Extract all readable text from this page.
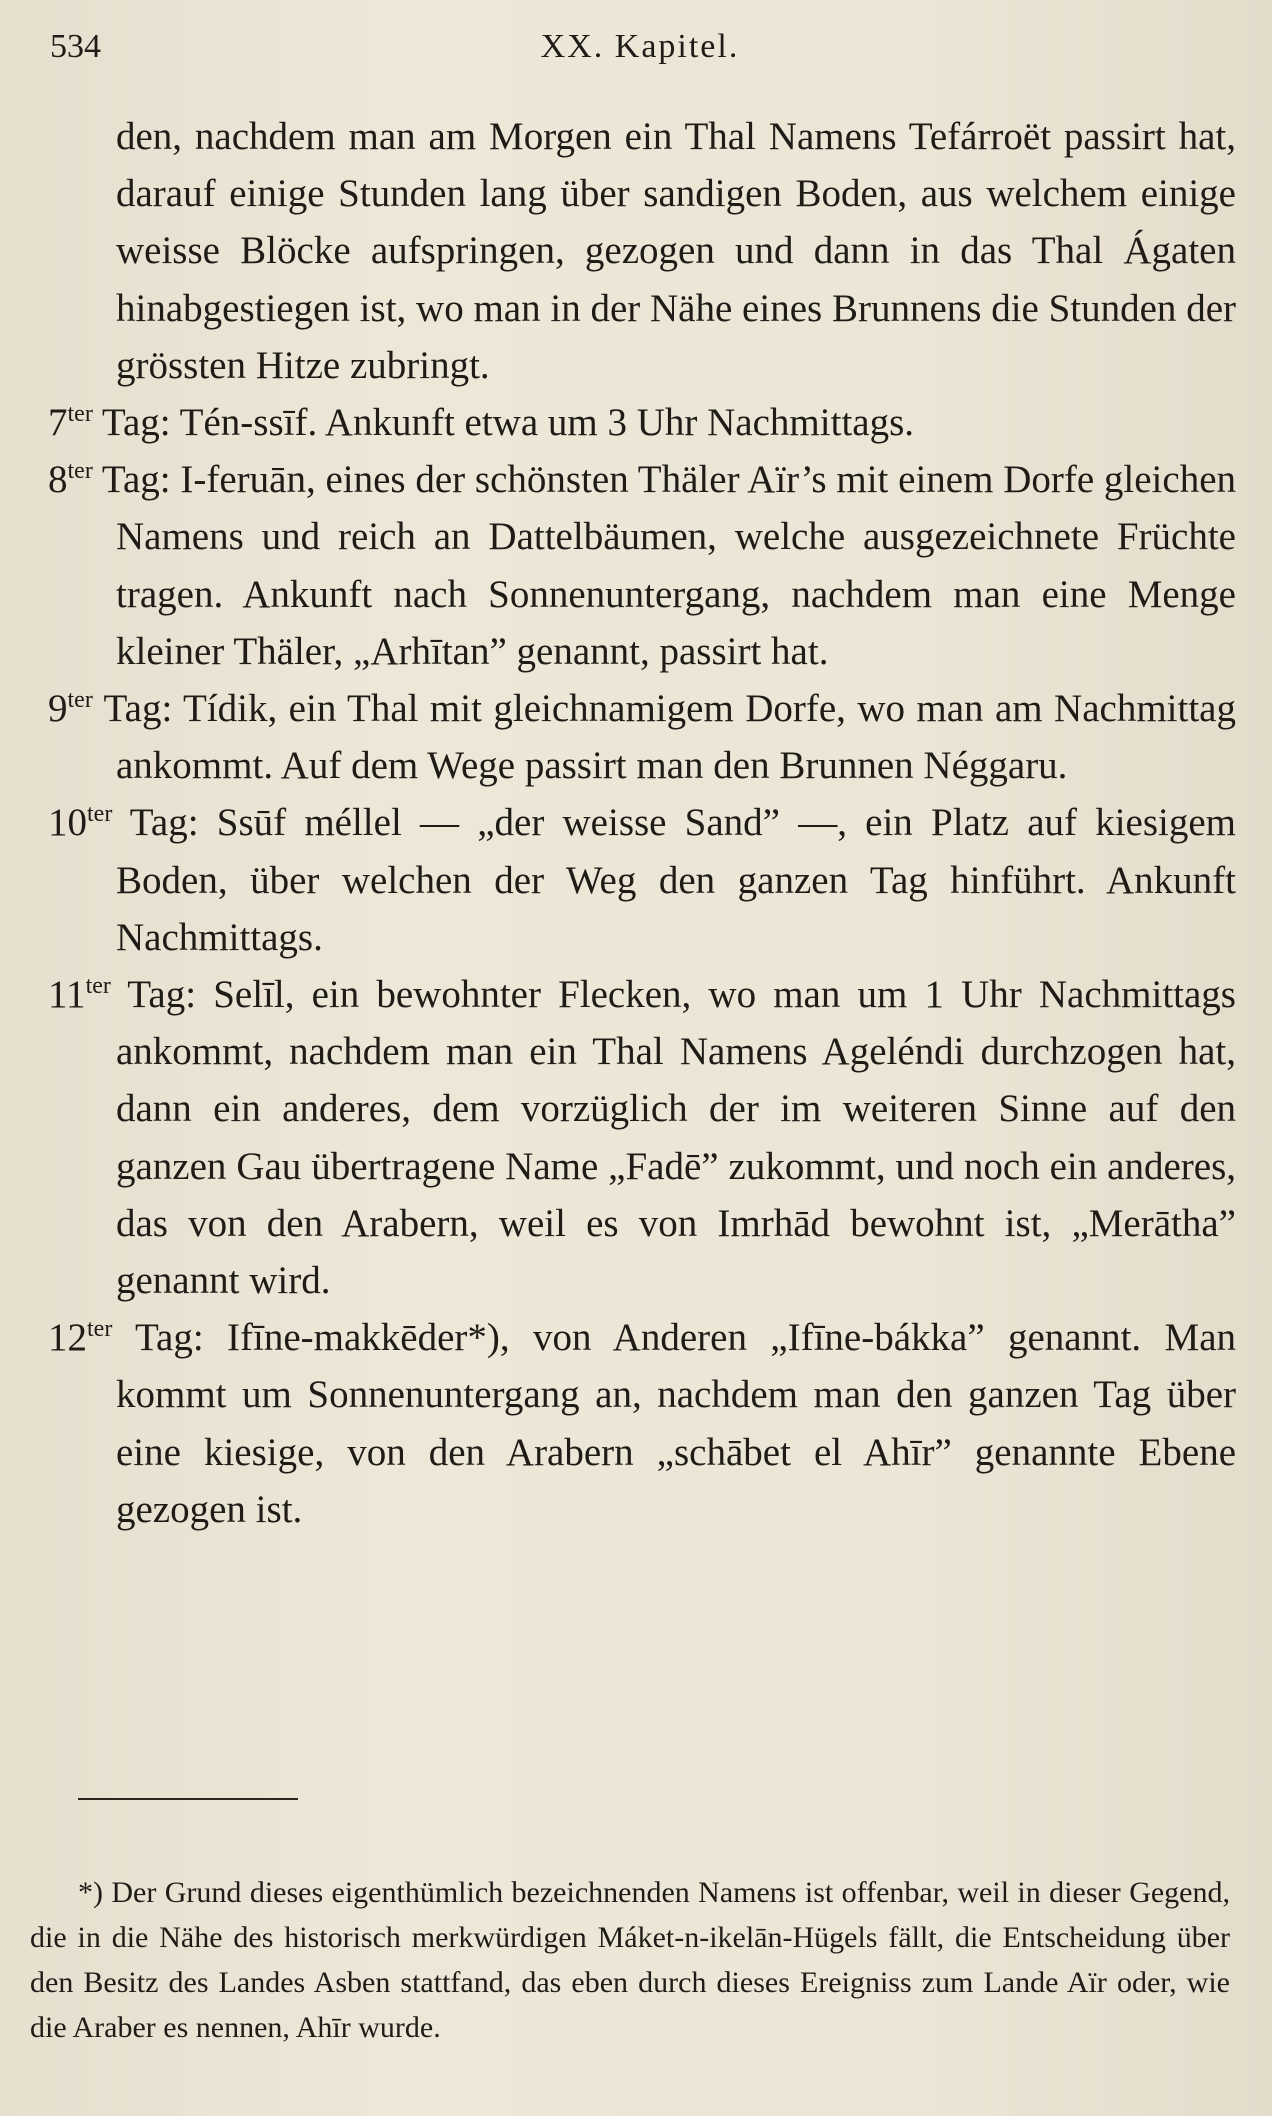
534	XX. Kapitel.

den, nachdem man am Morgen ein Thal Namens Tefárroët passirt hat, darauf einige Stunden lang über sandigen Boden, aus welchem einige weisse Blöcke aufspringen, gezogen und dann in das Thal Ágaten hinabgestiegen ist, wo man in der Nähe eines Brunnens die Stunden der grössten Hitze zubringt.

$7^{ter}$ Tag: Tén-ssīf. Ankunft etwa um 3 Uhr Nachmittags.

$8^{ter}$ Tag: I-feruān, eines der schönsten Thäler Aïr’s mit einem Dorfe gleichen Namens und reich an Dattelbäumen, welche ausgezeichnete Früchte tragen. Ankunft nach Sonnenuntergang, nachdem man eine Menge kleiner Thäler, „Arhītan” genannt, passirt hat.

$9^{ter}$ Tag: Tídik, ein Thal mit gleichnamigem Dorfe, wo man am Nachmittag ankommt. Auf dem Wege passirt man den Brunnen Néggaru.

$10^{ter}$ Tag: Ssūf méllel — „der weisse Sand” —, ein Platz auf kiesigem Boden, über welchen der Weg den ganzen Tag hinführt. Ankunft Nachmittags.

$11^{ter}$ Tag: Selīl, ein bewohnter Flecken, wo man um 1 Uhr Nachmittags ankommt, nachdem man ein Thal Namens Ageléndi durchzogen hat, dann ein anderes, dem vorzüglich der im weiteren Sinne auf den ganzen Gau übertragene Name „Fadē” zukommt, und noch ein anderes, das von den Arabern, weil es von Imrhād bewohnt ist, „Merātha” genannt wird.

$12^{ter}$ Tag: Ifīne-makkēder*), von Anderen „Ifīne-bákka” genannt. Man kommt um Sonnenuntergang an, nachdem man den ganzen Tag über eine kiesige, von den Arabern „schābet el Ahīr” genannte Ebene gezogen ist.

*) Der Grund dieses eigenthümlich bezeichnenden Namens ist offenbar, weil in dieser Gegend, die in die Nähe des historisch merkwürdigen Máket-n-ikelān-Hügels fällt, die Entscheidung über den Besitz des Landes Asben stattfand, das eben durch dieses Ereigniss zum Lande Aïr oder, wie die Araber es nennen, Ahīr wurde.
